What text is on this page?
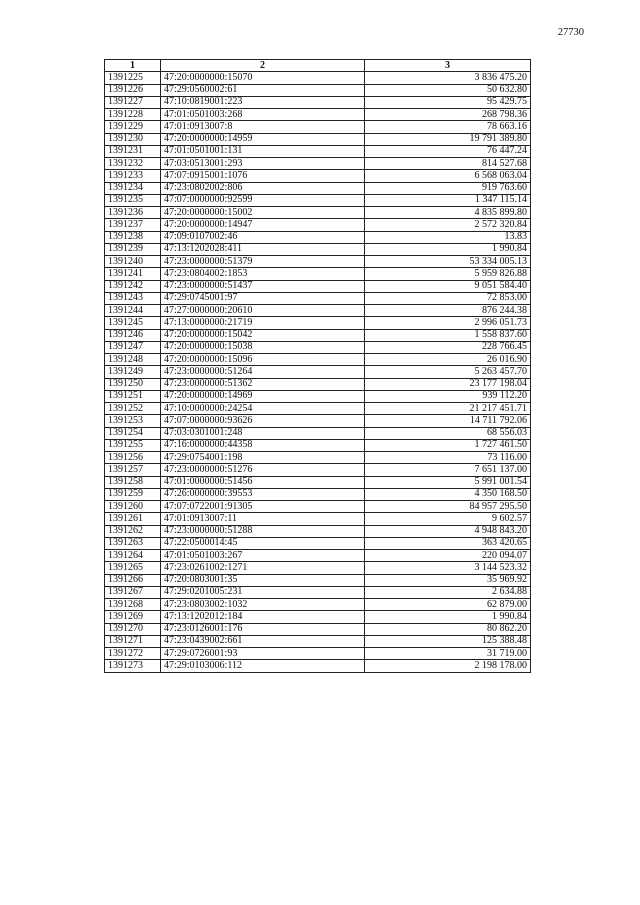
27730
1	2	3
1391225	47:20:0000000:15070	3 836 475.20
1391226	47:29:0560002:61	50 632.80
1391227	47:10:0819001:223	95 429.75
1391228	47:01:0501003:268	268 798.36
1391229	47:01:0913007:8	78 663.16
1391230	47:20:0000000:14959	19 791 389.80
1391231	47:01:0501001:131	76 447.24
1391232	47:03:0513001:293	814 527.68
1391233	47:07:0915001:1076	6 568 063.04
1391234	47:23:0802002:806	919 763.60
1391235	47:07:0000000:92599	1 347 115.14
1391236	47:20:0000000:15002	4 835 899.80
1391237	47:20:0000000:14947	2 572 320.84
1391238	47:09:0107002:46	13.83
1391239	47:13:1202028:411	1 990.84
1391240	47:23:0000000:51379	53 334 005.13
1391241	47:23:0804002:1853	5 959 826.88
1391242	47:23:0000000:51437	9 051 584.40
1391243	47:29:0745001:97	72 853.00
1391244	47:27:0000000:20610	876 244.38
1391245	47:13:0000000:21719	2 996 051.73
1391246	47:20:0000000:15042	1 558 837.60
1391247	47:20:0000000:15038	228 766.45
1391248	47:20:0000000:15096	26 016.90
1391249	47:23:0000000:51264	5 263 457.70
1391250	47:23:0000000:51362	23 177 198.04
1391251	47:20:0000000:14969	939 112.20
1391252	47:10:0000000:24254	21 217 451.71
1391253	47:07:0000000:93626	14 711 792.06
1391254	47:03:0301001:248	68 556.03
1391255	47:16:0000000:44358	1 727 461.50
1391256	47:29:0754001:198	73 116.00
1391257	47:23:0000000:51276	7 651 137.00
1391258	47:01:0000000:51456	5 991 001.54
1391259	47:26:0000000:39553	4 350 168.50
1391260	47:07:0722001:91305	84 957 295.50
1391261	47:01:0913007:11	9 602.57
1391262	47:23:0000000:51288	4 948 843.20
1391263	47:22:0500014:45	363 420.65
1391264	47:01:0501003:267	220 094.07
1391265	47:23:0261002:1271	3 144 523.32
1391266	47:20:0803001:35	35 969.92
1391267	47:29:0201005:231	2 634.88
1391268	47:23:0803002:1032	62 879.00
1391269	47:13:1202012:184	1 990.84
1391270	47:23:0126001:176	80 862.20
1391271	47:23:0439002:661	125 388.48
1391272	47:29:0726001:93	31 719.00
1391273	47:29:0103006:112	2 198 178.00
